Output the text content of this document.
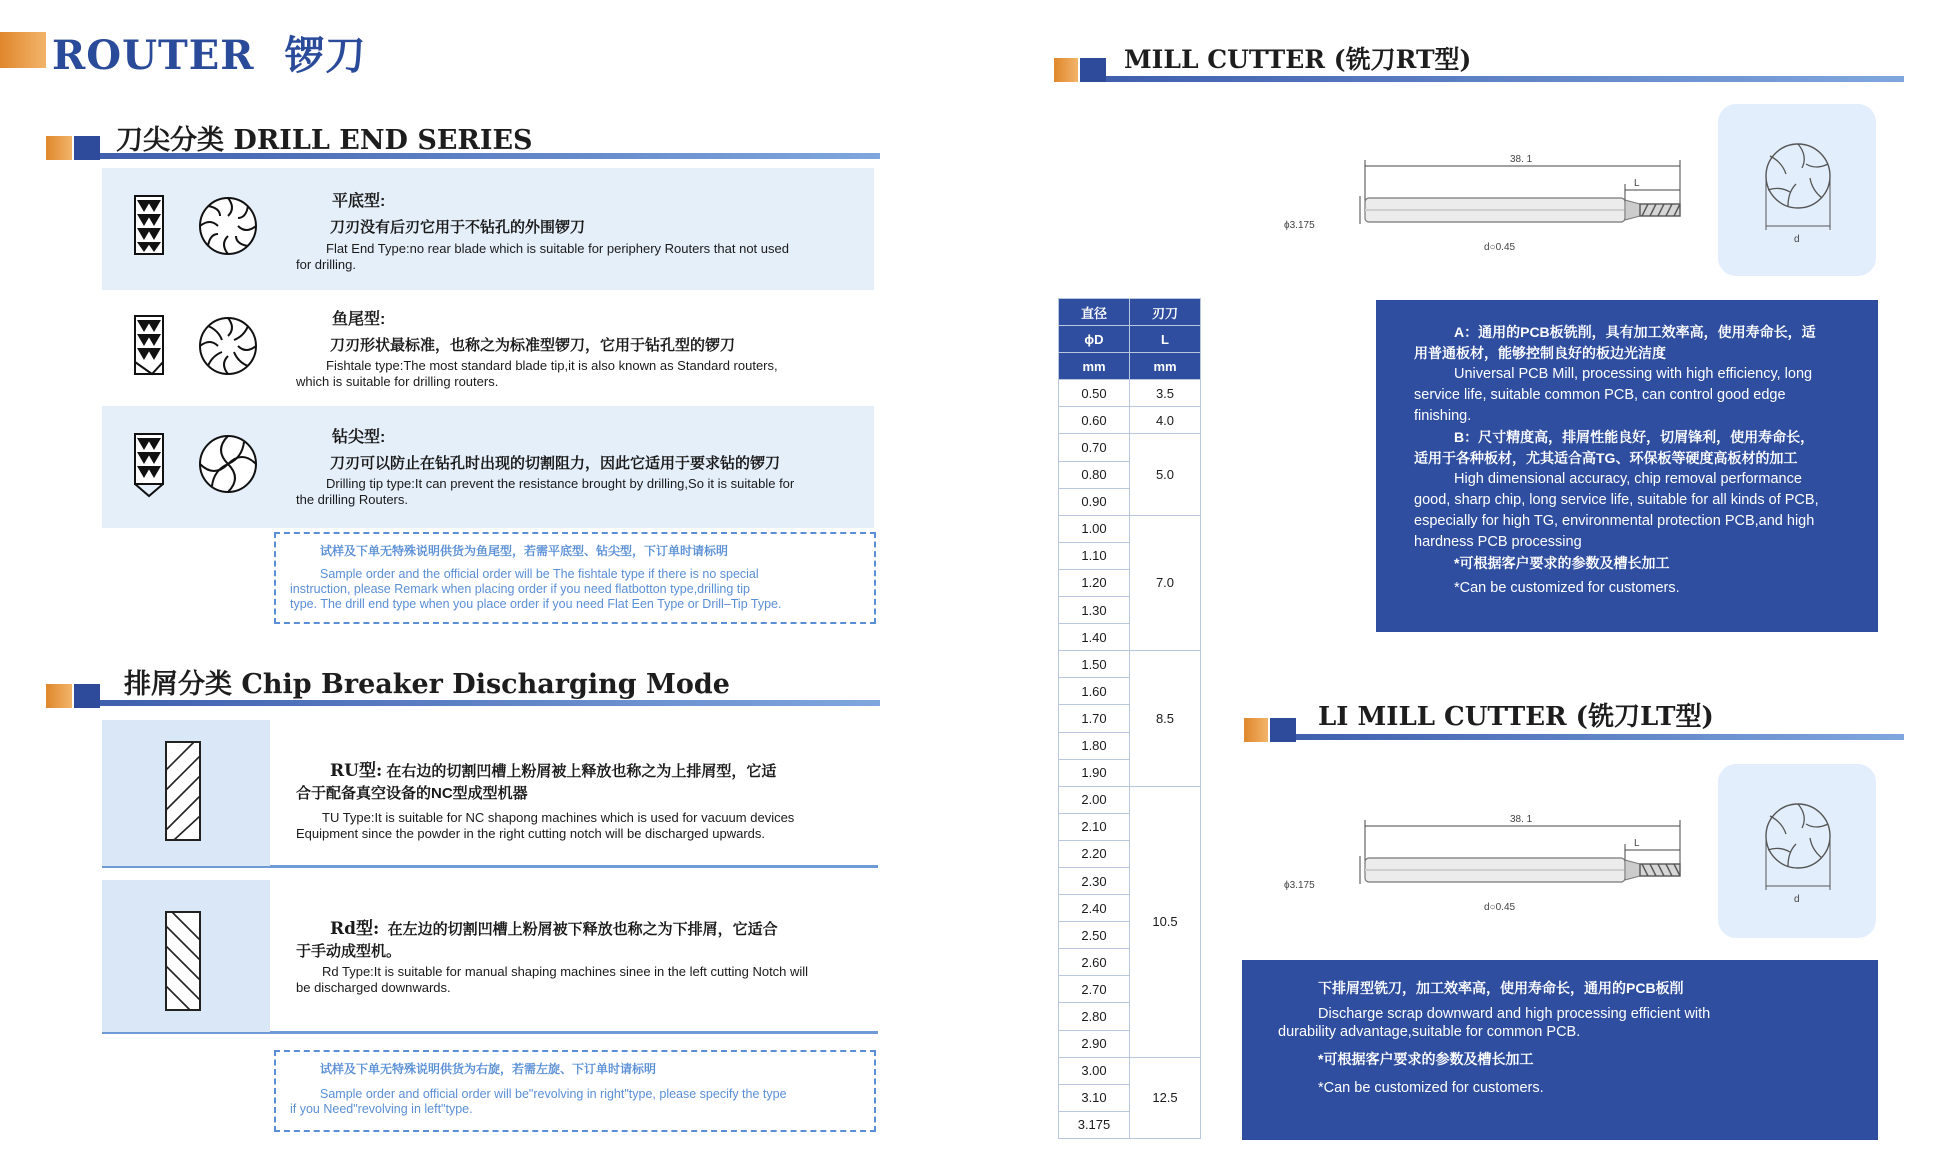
ROUTER 锣刀
刀尖分类 DRILL END SERIES
平底型:
刀刃没有后刃它用于不钻孔的外围锣刀
Flat End Type:no rear blade which is suitable for periphery Routers that not used
for drilling.
鱼尾型:
刀刃形状最标准，也称之为标准型锣刀，它用于钻孔型的锣刀
Fishtale type:The most standard blade tip,it is also known as Standard routers,
which is suitable for drilling routers.
钻尖型:
刀刃可以防止在钻孔时出现的切割阻力，因此它适用于要求钻的锣刀
Drilling tip type:It can prevent the resistance brought by drilling,So it is suitable for
the drilling Routers.
试样及下单无特殊说明供货为鱼尾型，若需平底型、钻尖型，下订单时请标明
Sample order and the official order will be The fishtale type if there is no special
instruction, please Remark when placing order if you need flatbotton type,drilling tip
type. The drill end type when you place order if you need Flat Een Type or Drill–Tip Type.
排屑分类 Chip Breaker Discharging Mode
RU型: 在右边的切割凹槽上粉屑被上释放也称之为上排屑型，它适
合于配备真空设备的NC型成型机器
TU Type:It is suitable for NC shapong machines which is used for vacuum devices
Equipment since the powder in the right cutting notch will be discharged upwards.
Rd型: 在左边的切割凹槽上粉屑被下释放也称之为下排屑，它适合
于手动成型机。
Rd Type:It is suitable for manual shaping machines sinee in the left cutting Notch will
be discharged downwards.
试样及下单无特殊说明供货为右旋，若需左旋、下订单时请标明
Sample order and official order will be"revolving in right"type, please specify the type
if you Need"revolving in left"type.
直径	刃刀
ϕD	L
mm	mm
0.50	3.5
0.60	4.0
0.70	5.0
0.80	
0.90	
1.00	7.0
1.10	
1.20	
1.30	
1.40	
1.50	8.5
1.60	
1.70	
1.80	
1.90	
2.00	10.5
2.10	
2.20	
2.30	
2.40	
2.50	
2.60	
2.70	
2.80	
2.90	
3.00	12.5
3.10	
3.175	
MILL CUTTER (铣刀RT型)
38. 1
L
ϕ3.175
d○0.45
d
A：通用的PCB板铣削，具有加工效率高，使用寿命长，适
用普通板材，能够控制良好的板边光洁度
Universal PCB Mill, processing with high efficiency, long
service life, suitable common PCB, can control good edge
finishing.
B：尺寸精度高，排屑性能良好，切屑锋利，使用寿命长，
适用于各种板材，尤其适合高TG、环保板等硬度高板材的加工
High dimensional accuracy, chip removal performance
good, sharp chip, long service life, suitable for all kinds of PCB,
especially for high TG, environmental protection PCB,and high
hardness PCB processing
*可根据客户要求的参数及槽长加工
*Can be customized for customers.
LI MILL CUTTER (铣刀LT型)
38. 1
L
ϕ3.175
d○0.45
d
下排屑型铣刀，加工效率高，使用寿命长，通用的PCB板削
Discharge scrap downward and high processing efficient with
durability advantage,suitable for common PCB.
*可根据客户要求的参数及槽长加工
*Can be customized for customers.
